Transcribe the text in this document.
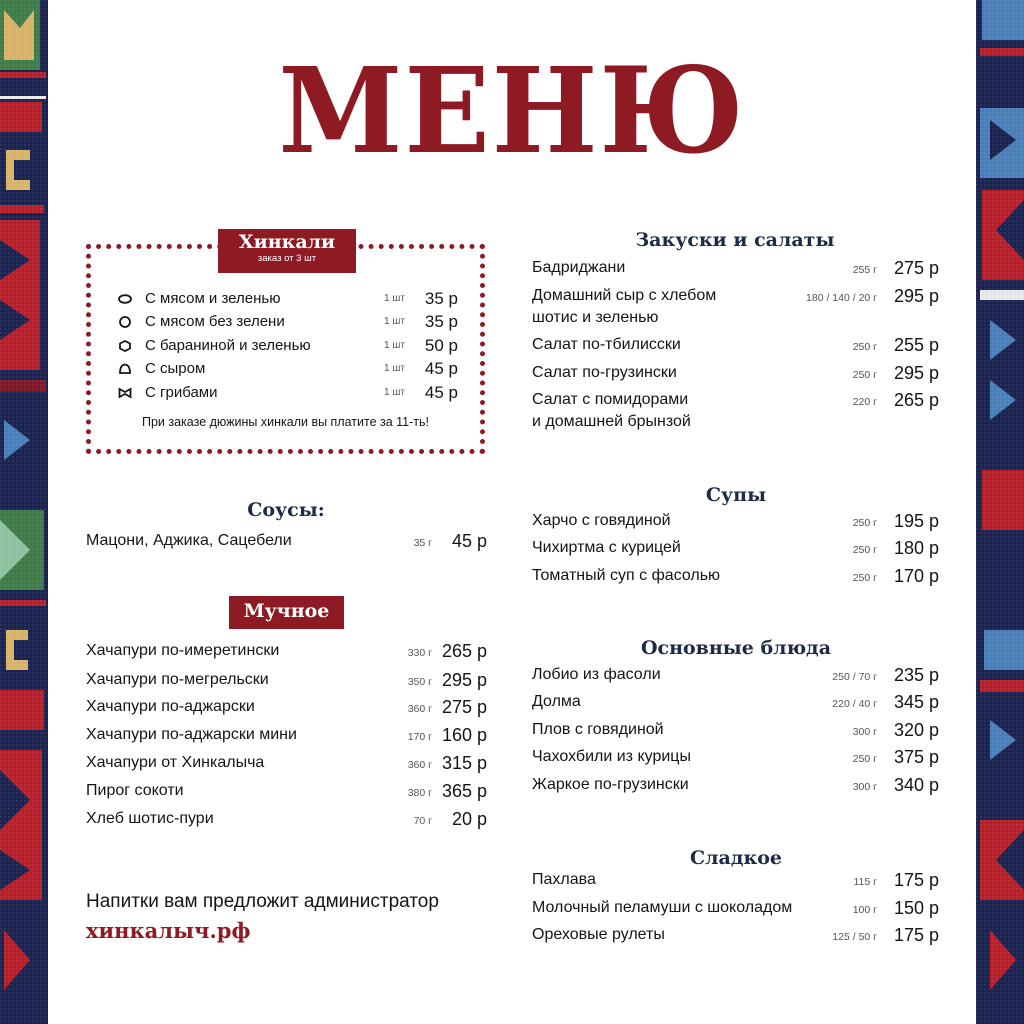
МЕНЮ
Хинкали
заказ от 3 шт
С мясом и зеленью	1 шт 35 р
С мясом без зелени	1 шт 35 р
С бараниной и зеленью	1 шт 50 р
С сыром	1 шт 45 р
С грибами	1 шт 45 р
При заказе дюжины хинкали вы платите за 11-ть!
Соусы:
Мацони, Аджика, Сацебели	35 г 45 р
Мучное
Хачапури по-имеретински	330 г 265 р
Хачапури по-мегрельски	350 г 295 р
Хачапури по-аджарски	360 г 275 р
Хачапури по-аджарски мини	170 г 160 р
Хачапури от Хинкалыча	360 г 315 р
Пирог сокоти	380 г 365 р
Хлеб шотис-пури	70 г 20 р
Напитки вам предложит администратор
хинкалыч.рф
Закуски и салаты
Бадриджани	255 г 275 р
Домашний сыр с хлебом
шотис и зеленью
180 / 140 / 20 г 295 р
Салат по-тбилисски	250 г 255 р
Салат по-грузински	250 г 295 р
Салат с помидорами
и домашней брынзой
220 г 265 р
Супы
Харчо с говядиной	250 г 195 р
Чихиртма с курицей	250 г 180 р
Томатный суп с фасолью	250 г 170 р
Основные блюда
Лобио из фасоли	250 / 70 г 235 р
Долма	220 / 40 г 345 р
Плов с говядиной	300 г 320 р
Чахохбили из курицы	250 г 375 р
Жаркое по-грузински	300 г 340 р
Сладкое
Пахлава	115 г 175 р
Молочный пеламуши с шоколадом	100 г 150 р
Ореховые рулеты	125 / 50 г 175 р
